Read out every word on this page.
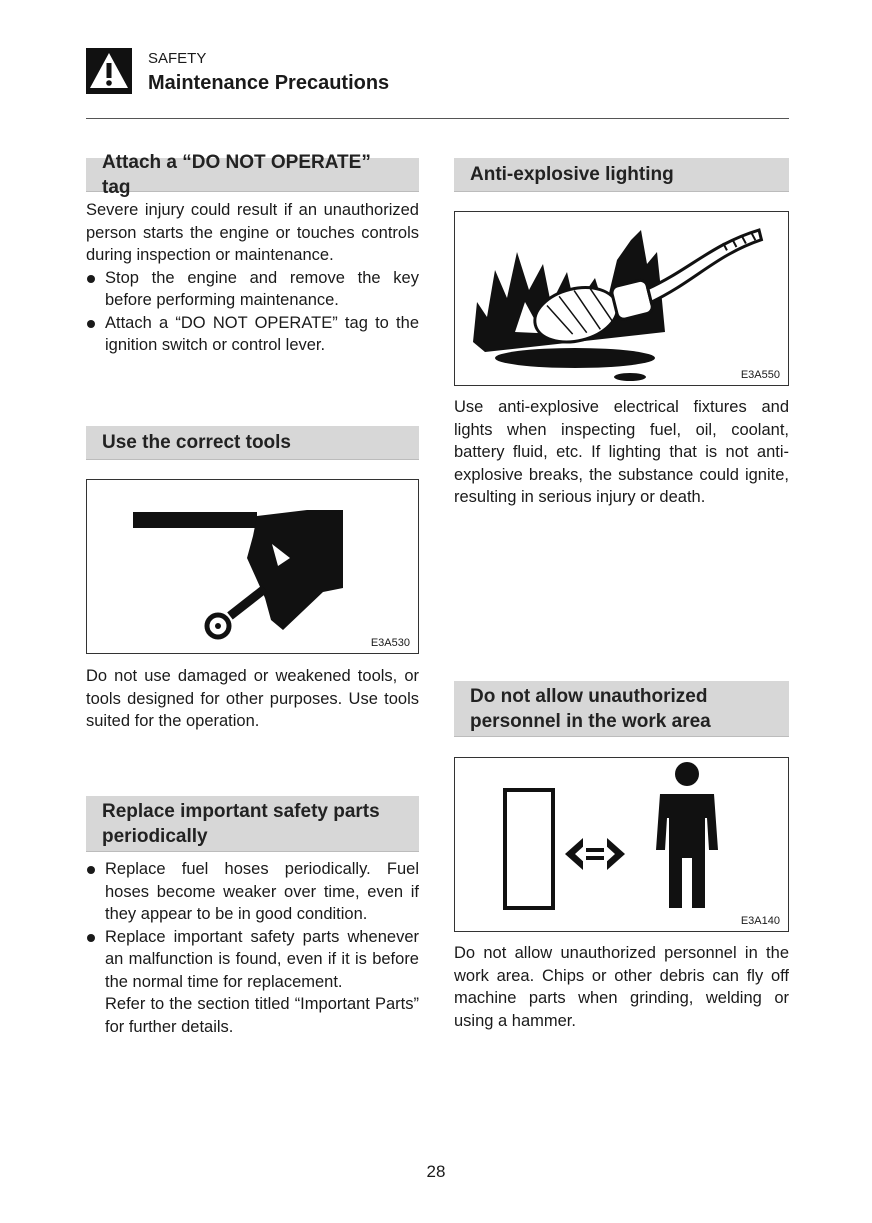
SAFETY
Maintenance Precautions
Attach a “DO NOT OPERATE” tag
Severe injury could result if an unauthorized person starts the engine or touches controls during inspection or maintenance.
Stop the engine and remove the key before performing maintenance.
Attach a “DO NOT OPERATE” tag to the ignition switch or control lever.
Use the correct tools
E3A530
Do not use damaged or weakened tools, or tools designed for other purposes. Use tools suited for the operation.
Replace important safety parts
periodically
Replace fuel hoses periodically. Fuel hoses become weaker over time, even if they appear to be in good condition.
Replace important safety parts whenever an malfunction is found, even if it is before the normal time for replacement.
Refer to the section titled “Important Parts” for further details.
Anti-explosive lighting
E3A550
Use anti-explosive electrical fixtures and lights when inspecting fuel, oil, coolant, battery fluid, etc. If lighting that is not anti-explosive breaks, the substance could ignite, resulting in serious injury or death.
Do not allow unauthorized
personnel in the work area
E3A140
Do not allow unauthorized personnel in the work area. Chips or other debris can fly off machine parts when grinding, welding or using a hammer.
28
